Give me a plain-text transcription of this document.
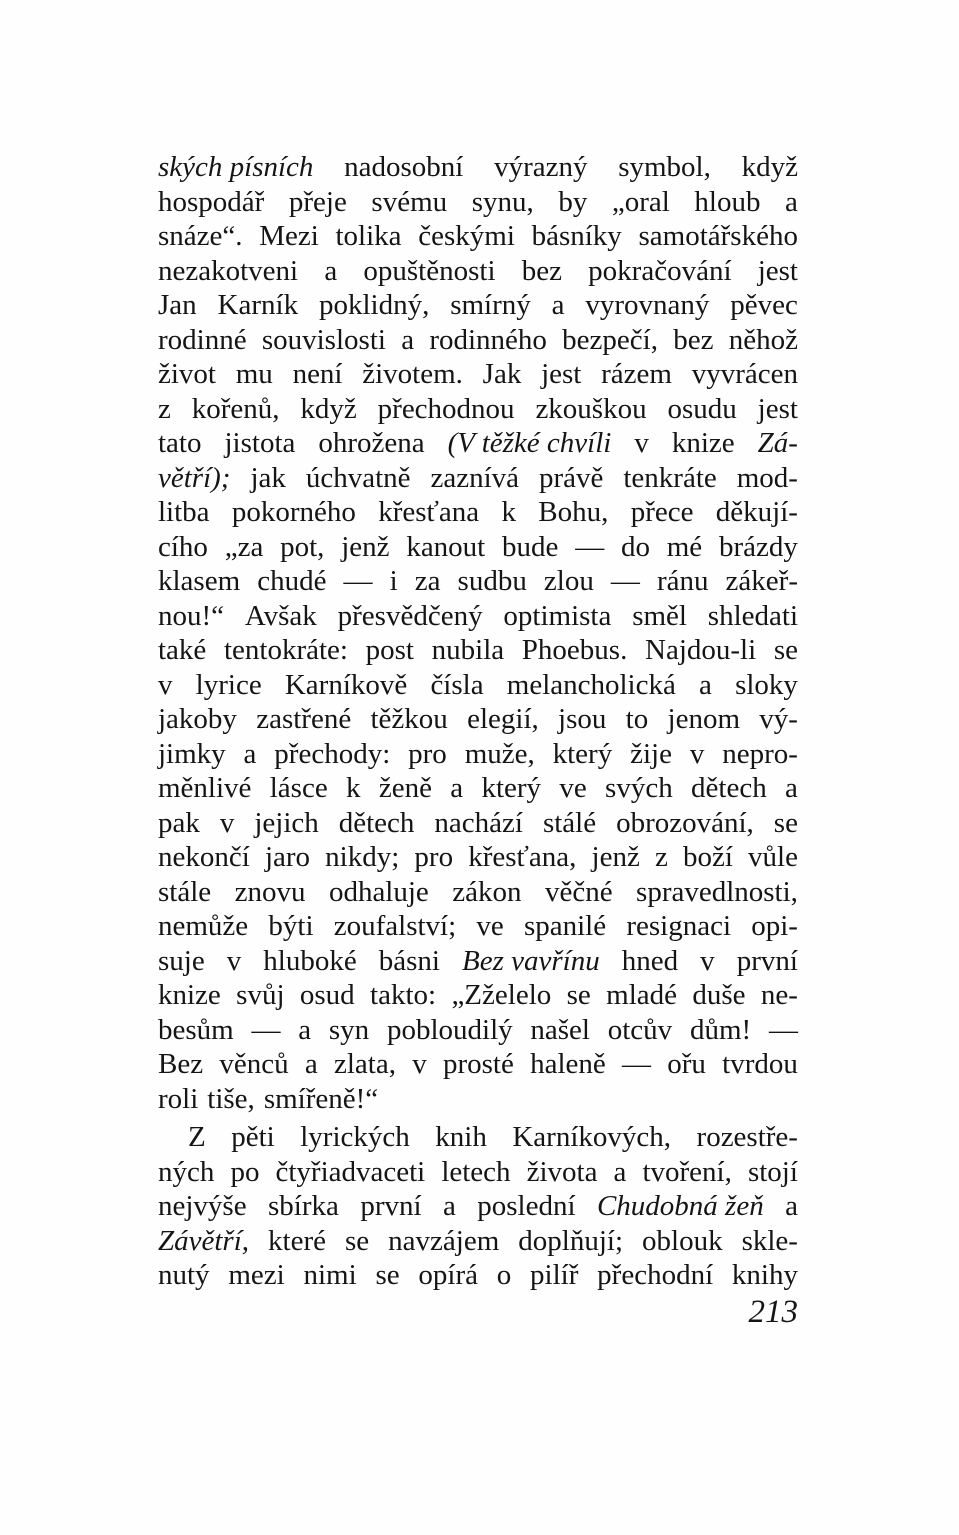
ských písních nadosobní výrazný symbol, když
hospodář přeje svému synu, by „oral hloub a
snáze“. Mezi tolika českými básníky samotářského
nezakotveni a opuštěnosti bez pokračování jest
Jan Karník poklidný, smírný a vyrovnaný pěvec
rodinné souvislosti a rodinného bezpečí, bez něhož
život mu není životem. Jak jest rázem vyvrácen
z kořenů, když přechodnou zkouškou osudu jest
tato jistota ohrožena (V těžké chvíli v knize Zá-
větří); jak úchvatně zaznívá právě tenkráte mod-
litba pokorného křesťana k Bohu, přece děkují-
cího „za pot, jenž kanout bude — do mé brázdy
klasem chudé — i za sudbu zlou — ránu zákeř-
nou!“ Avšak přesvědčený optimista směl shledati
také tentokráte: post nubila Phoebus. Najdou-li se
v lyrice Karníkově čísla melancholická a sloky
jakoby zastřené těžkou elegií, jsou to jenom vý-
jimky a přechody: pro muže, který žije v nepro-
měnlivé lásce k ženě a který ve svých dětech a
pak v jejich dětech nachází stálé obrozování, se
nekončí jaro nikdy; pro křesťana, jenž z boží vůle
stále znovu odhaluje zákon věčné spravedlnosti,
nemůže býti zoufalství; ve spanilé resignaci opi-
suje v hluboké básni Bez vavřínu hned v první
knize svůj osud takto: „Zželelo se mladé duše ne-
besům — a syn pobloudilý našel otcův dům! —
Bez věnců a zlata, v prosté haleně — ořu tvrdou
roli tiše, smířeně!“
Z pěti lyrických knih Karníkových, rozestře-
ných po čtyřiadvaceti letech života a tvoření, stojí
nejvýše sbírka první a poslední Chudobná žeň a
Závětří, které se navzájem doplňují; oblouk skle-
nutý mezi nimi se opírá o pilíř přechodní knihy
213
